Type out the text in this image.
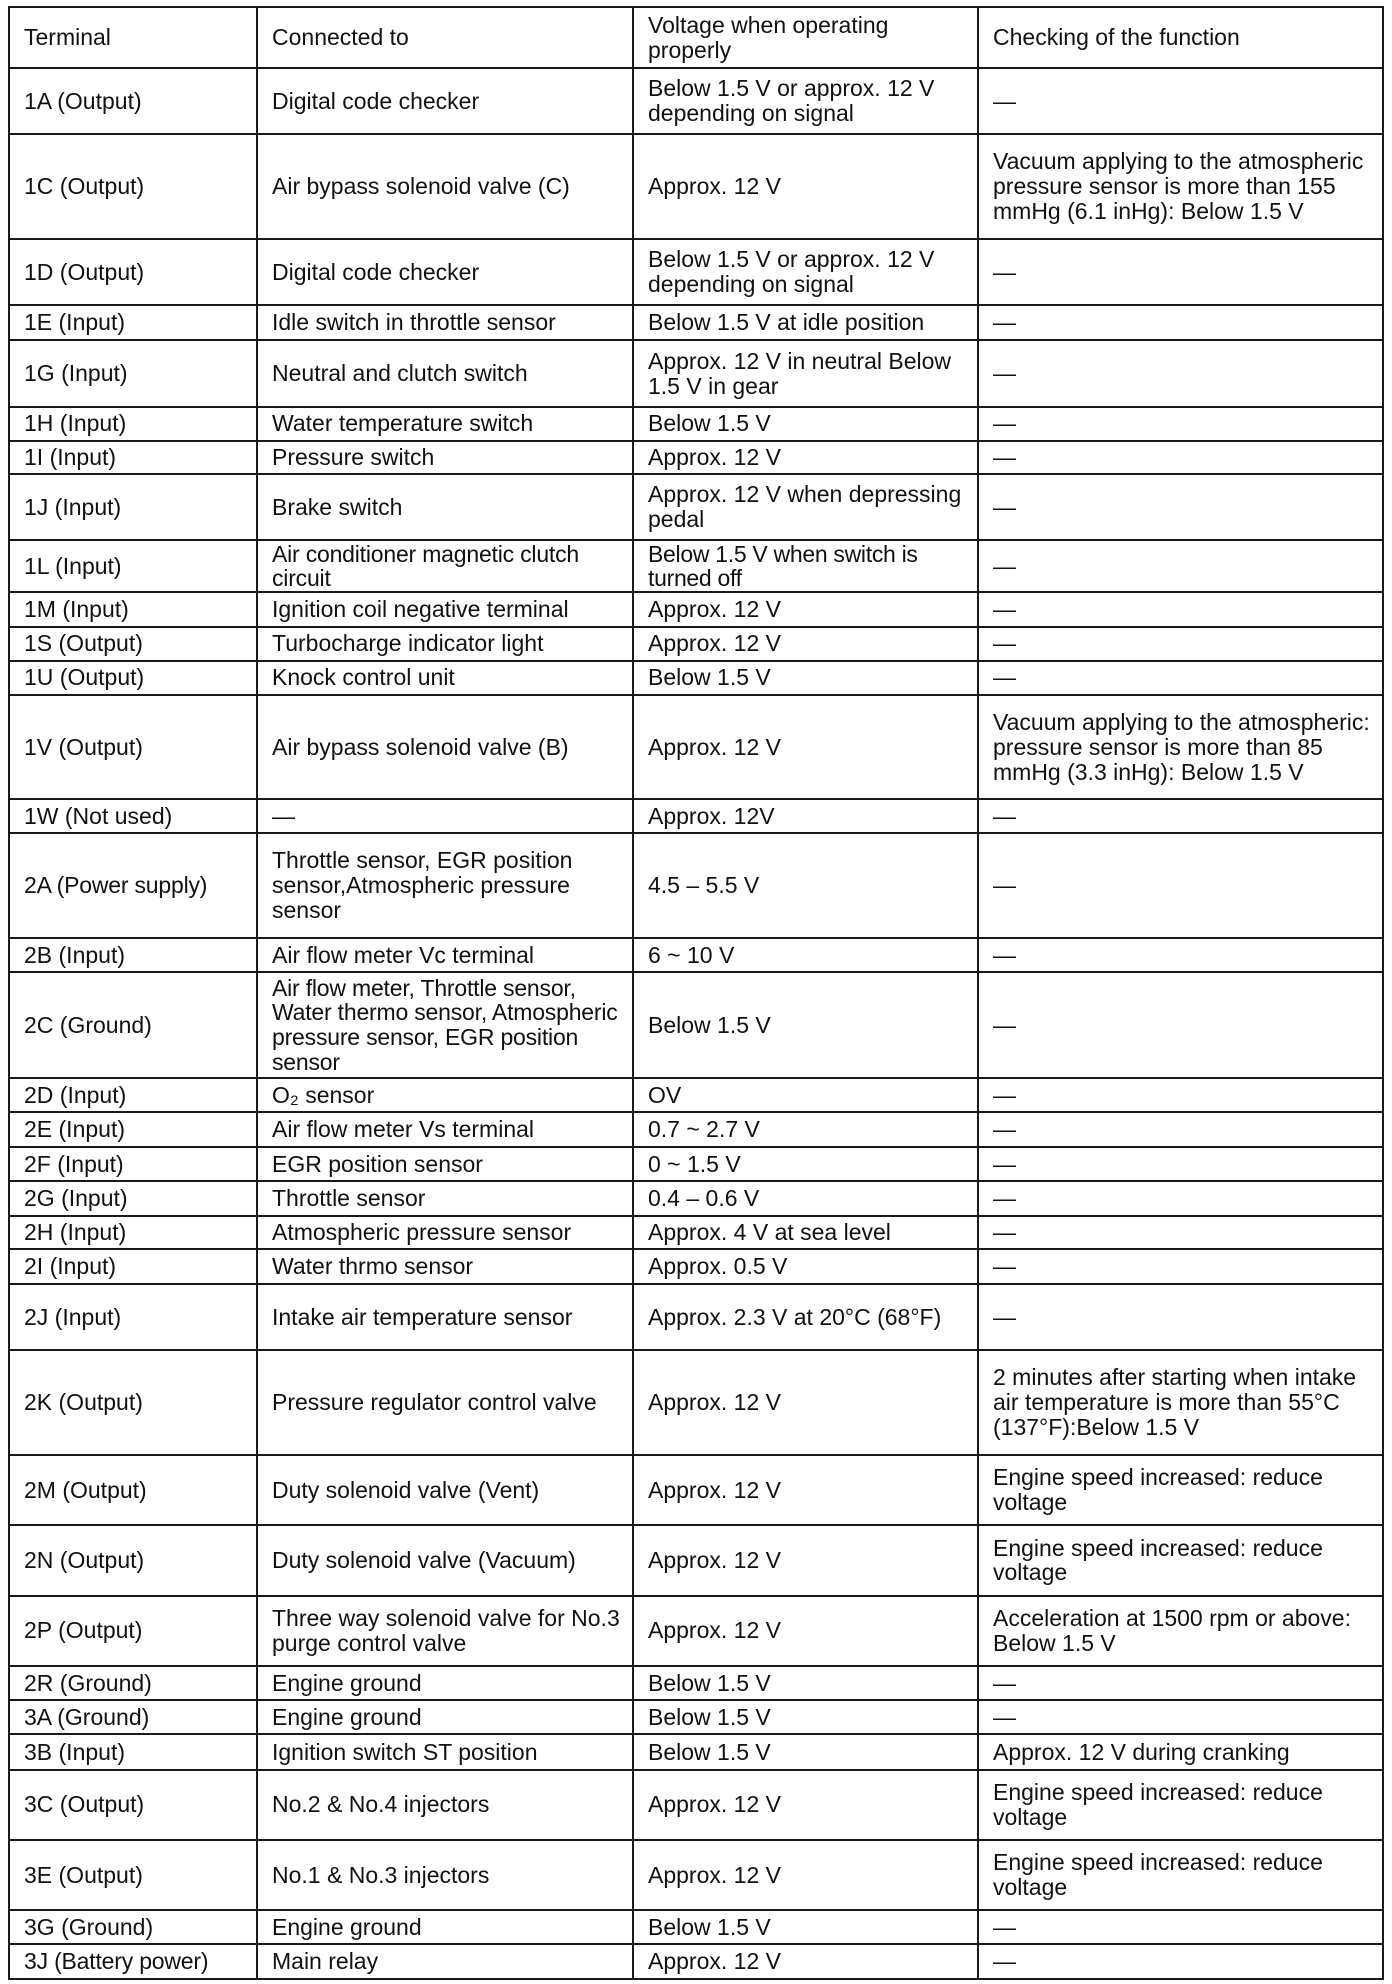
Terminal	Connected to	Voltage when operating properly	Checking of the function
1A (Output)	Digital code checker	Below 1.5 V or approx. 12 V depending on signal	—
1C (Output)	Air bypass solenoid valve (C)	Approx. 12 V	Vacuum applying to the atmospheric pressure sensor is more than 155 mmHg (6.1 inHg): Below 1.5 V
1D (Output)	Digital code checker	Below 1.5 V or approx. 12 V depending on signal	—
1E (Input)	Idle switch in throttle sensor	Below 1.5 V at idle position	—
1G (Input)	Neutral and clutch switch	Approx. 12 V in neutral Below 1.5 V in gear	—
1H (Input)	Water temperature switch	Below 1.5 V	—
1I (Input)	Pressure switch	Approx. 12 V	—
1J (Input)	Brake switch	Approx. 12 V when depressing pedal	—
1L (Input)	Air conditioner magnetic clutch circuit	Below 1.5 V when switch is turned off	—
1M (Input)	Ignition coil negative terminal	Approx. 12 V	—
1S (Output)	Turbocharge indicator light	Approx. 12 V	—
1U (Output)	Knock control unit	Below 1.5 V	—
1V (Output)	Air bypass solenoid valve (B)	Approx. 12 V	Vacuum applying to the atmospheric: pressure sensor is more than 85 mmHg (3.3 inHg): Below 1.5 V
1W (Not used)	—	Approx. 12V	—
2A (Power supply)	Throttle sensor, EGR position sensor,Atmospheric pressure sensor	4.5 – 5.5 V	—
2B (Input)	Air flow meter Vc terminal	6 ~ 10 V	—
2C (Ground)	Air flow meter, Throttle sensor, Water thermo sensor, Atmospheric pressure sensor, EGR position sensor	Below 1.5 V	—
2D (Input)	O₂ sensor	OV	—
2E (Input)	Air flow meter Vs terminal	0.7 ~ 2.7 V	—
2F (Input)	EGR position sensor	0 ~ 1.5 V	—
2G (Input)	Throttle sensor	0.4 – 0.6 V	—
2H (Input)	Atmospheric pressure sensor	Approx. 4 V at sea level	—
2I (Input)	Water thrmo sensor	Approx. 0.5 V	—
2J (Input)	Intake air temperature sensor	Approx. 2.3 V at 20°C (68°F)	—
2K (Output)	Pressure regulator control valve	Approx. 12 V	2 minutes after starting when intake air temperature is more than 55°C (137°F):Below 1.5 V
2M (Output)	Duty solenoid valve (Vent)	Approx. 12 V	Engine speed increased: reduce voltage
2N (Output)	Duty solenoid valve (Vacuum)	Approx. 12 V	Engine speed increased: reduce voltage
2P (Output)	Three way solenoid valve for No.3 purge control valve	Approx. 12 V	Acceleration at 1500 rpm or above: Below 1.5 V
2R (Ground)	Engine ground	Below 1.5 V	—
3A (Ground)	Engine ground	Below 1.5 V	—
3B (Input)	Ignition switch ST position	Below 1.5 V	Approx. 12 V during cranking
3C (Output)	No.2 & No.4 injectors	Approx. 12 V	Engine speed increased: reduce voltage
3E (Output)	No.1 & No.3 injectors	Approx. 12 V	Engine speed increased: reduce voltage
3G (Ground)	Engine ground	Below 1.5 V	—
3J (Battery power)	Main relay	Approx. 12 V	—
